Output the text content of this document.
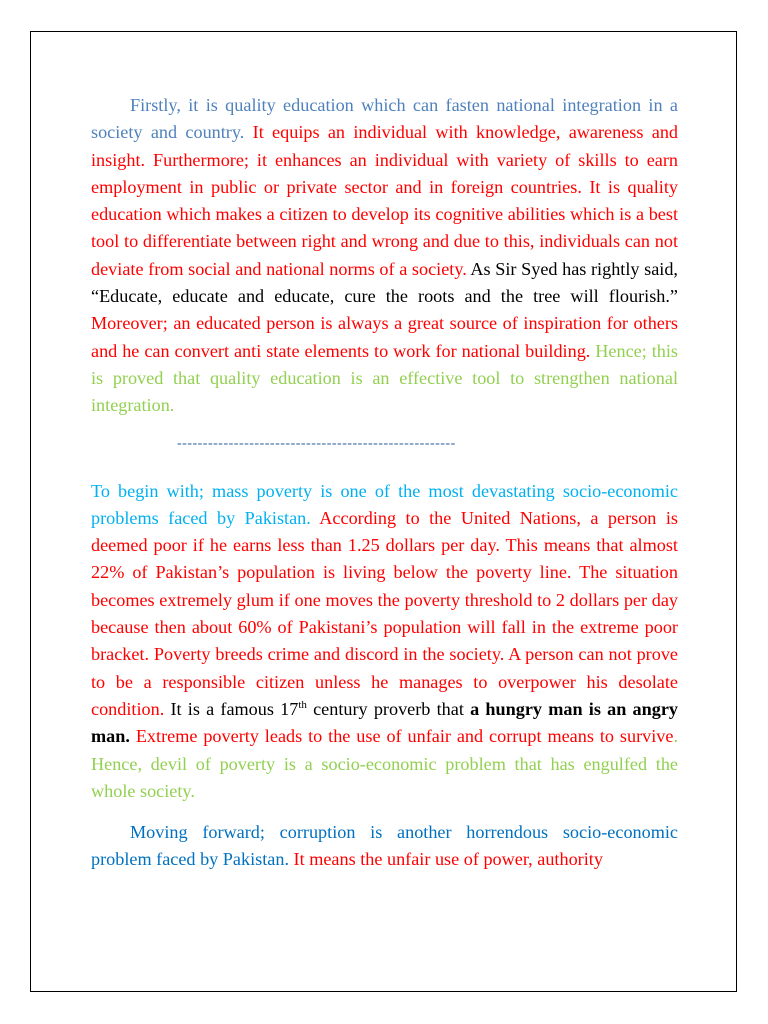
Firstly, it is quality education which can fasten national integration in a society and country. It equips an individual with knowledge, awareness and insight. Furthermore; it enhances an individual with variety of skills to earn employment in public or private sector and in foreign countries. It is quality education which makes a citizen to develop its cognitive abilities which is a best tool to differentiate between right and wrong and due to this, individuals can not deviate from social and national norms of a society. As Sir Syed has rightly said, “Educate, educate and educate, cure the roots and the tree will flourish.” Moreover; an educated person is always a great source of inspiration for others and he can convert anti state elements to work for national building. Hence; this is proved that quality education is an effective tool to strengthen national integration.

------------------------------------------------------

To begin with; mass poverty is one of the most devastating socio-economic problems faced by Pakistan. According to the United Nations, a person is deemed poor if he earns less than 1.25 dollars per day. This means that almost 22% of Pakistan’s population is living below the poverty line. The situation becomes extremely glum if one moves the poverty threshold to 2 dollars per day because then about 60% of Pakistani’s population will fall in the extreme poor bracket. Poverty breeds crime and discord in the society. A person can not prove to be a responsible citizen unless he manages to overpower his desolate condition. It is a famous 17th century proverb that a hungry man is an angry man. Extreme poverty leads to the use of unfair and corrupt means to survive. Hence, devil of poverty is a socio-economic problem that has engulfed the whole society.

Moving forward; corruption is another horrendous socio-economic problem faced by Pakistan. It means the unfair use of power, authority
